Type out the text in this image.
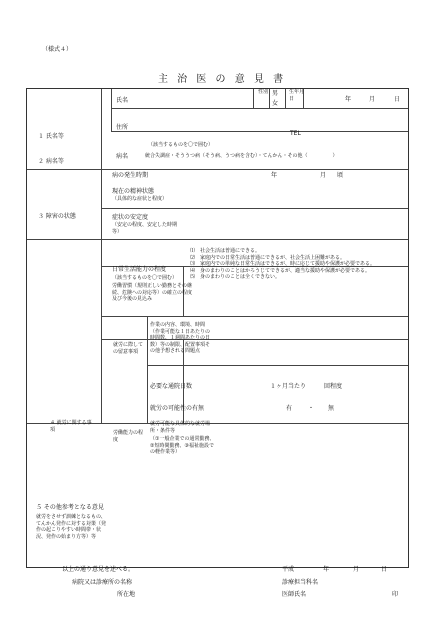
（様式４）
主 治 医 の 意 見 書
１ 氏名等
氏名
性別 男
女
生年月日	年	月	日
住所
TEL
２ 病名等
（該当するものを〇で囲む）
病名	統合失調症・そううつ病（そう病、うつ病を含む）・てんかん・その他（　　　　　）
病の発生時期	年	月 頃
３ 障害の状態
現在の精神状態
（具体的な症状と程度）
症状の安定度
（安定の程度、安定した時期等）
日常生活能力の程度
（該当するものを〇で囲む）
⑴　社会生活は普通にできる。
⑵　家庭内での日常生活は普通にできるが、社会生活上困難がある。
⑶　家庭内での単純な日常生活はできるが、時に応じて援助や保護が必要である。
⑷　身のまわりのことはかろうじてできるが、適当な援助や保護が必要である。
⑸　身のまわりのことは全くできない。
４ 就労に関する事項
労働習慣（規則正しい勤務とその継続、危険への対応等）の確立の程度及び今後の見込み
就労に際しての留意事項
作業の内容、環境、時間（作業可能な１日あたりの時間数、１週間あたりの日数）等の制限、配置事項その他予想される問題点
必要な通院日数	１ヶ月当たり　　　回程度
労働能力の程度
就労の可能性の有無	有	・ 無
就労可能な具体的な就労場所・条件等
（①一般企業での通常勤務、②短時間勤務、③福祉施設での軽作業等）
５ その他参考となる意見
就労をさせず訓練となるもの、てんかん発作に対する対策（発作の起こりやすい時間帯・状況、発作の始まり方等）等
以上の通り意見を述べる。	平成	年	月	日
病院又は診療所の名称	診療担当科名
所在地	医師氏名	印
